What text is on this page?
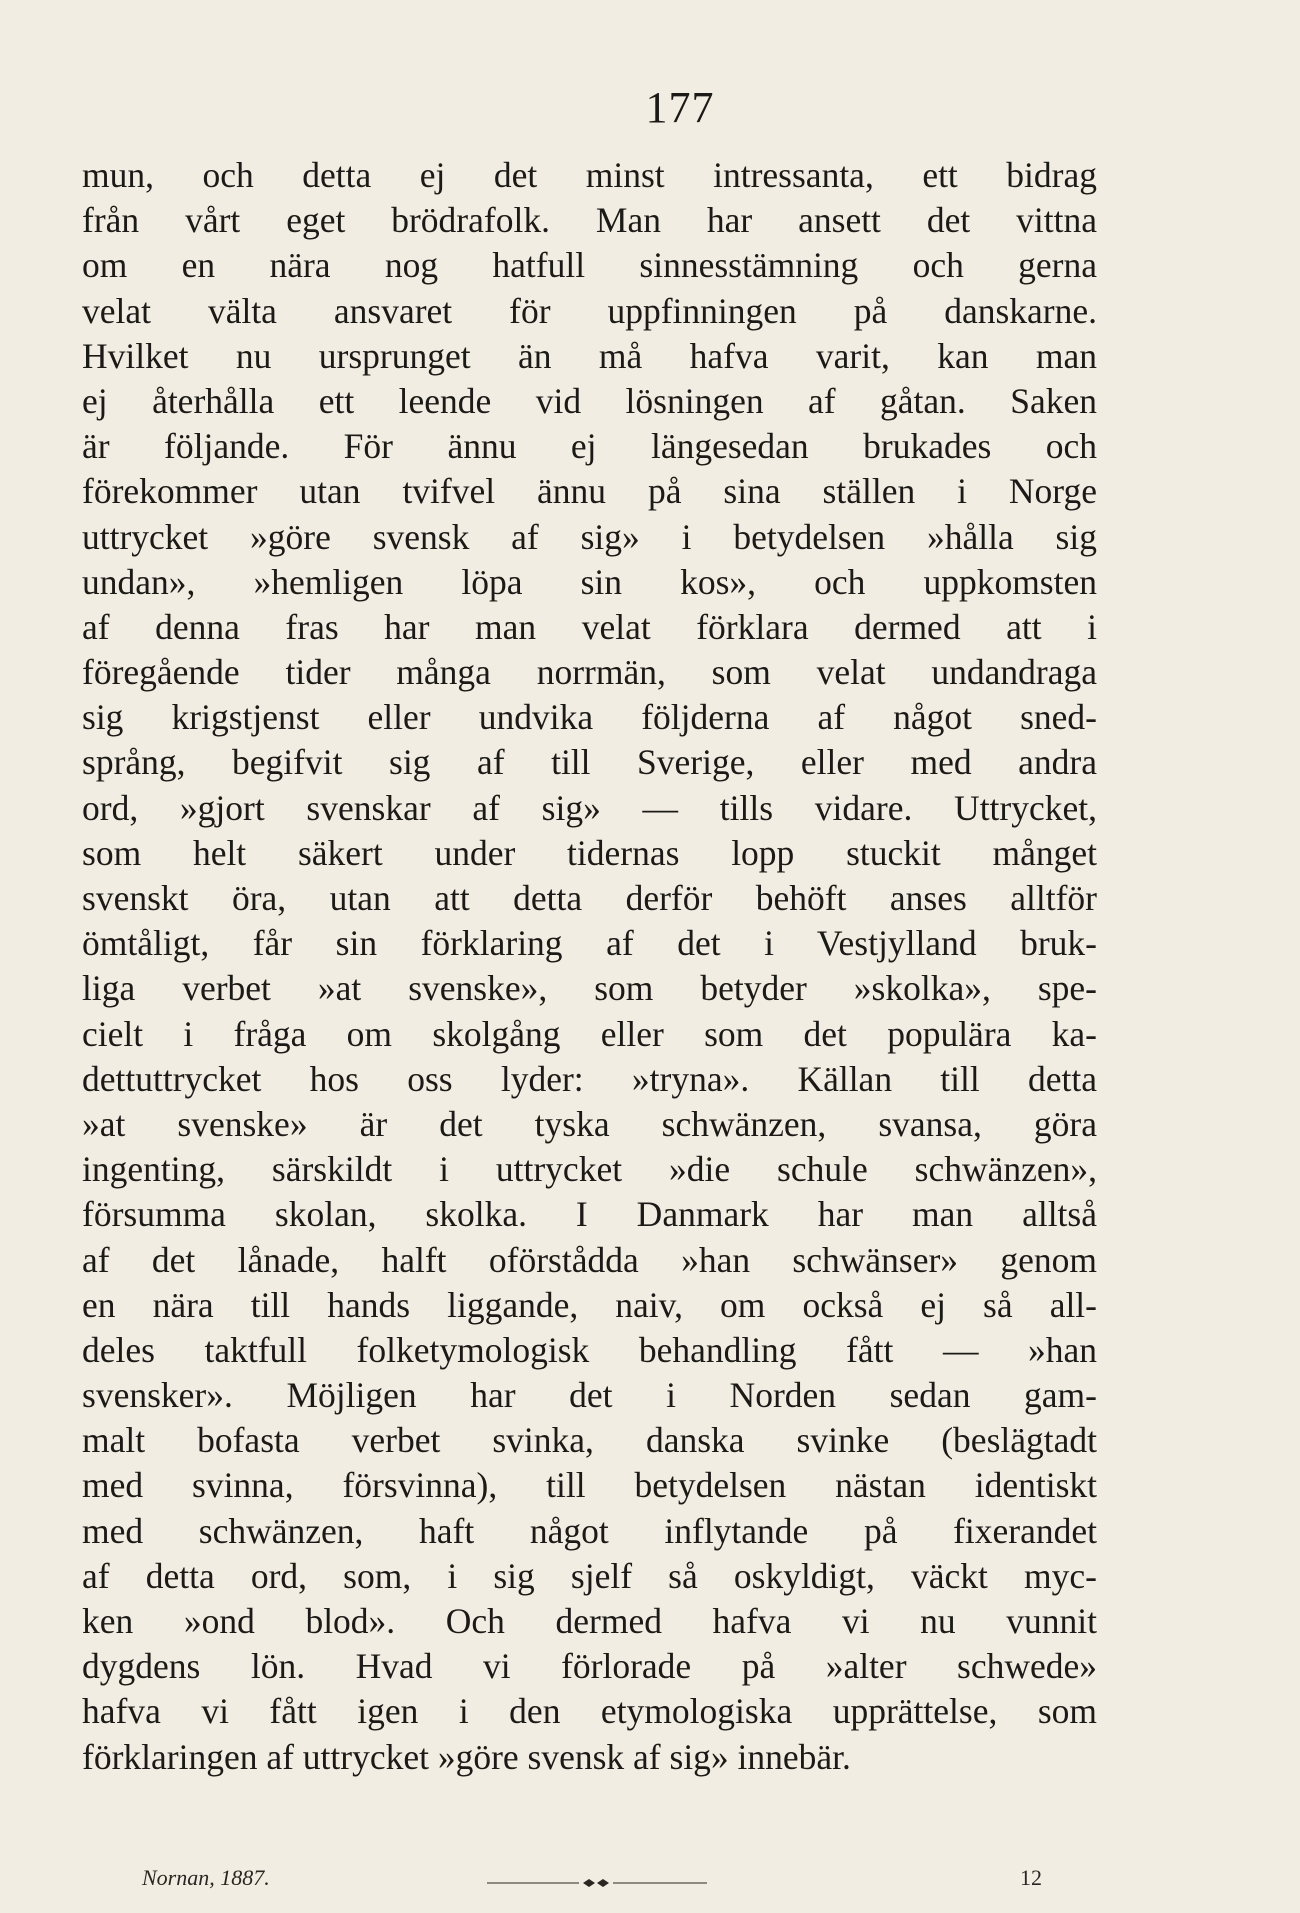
177
mun, och detta ej det minst intressanta, ett bidrag
från vårt eget brödrafolk. Man har ansett det vittna
om en nära nog hatfull sinnesstämning och gerna
velat välta ansvaret för uppfinningen på danskarne.
Hvilket nu ursprunget än må hafva varit, kan man
ej återhålla ett leende vid lösningen af gåtan. Saken
är följande. För ännu ej längesedan brukades och
förekommer utan tvifvel ännu på sina ställen i Norge
uttrycket »göre svensk af sig» i betydelsen »hålla sig
undan», »hemligen löpa sin kos», och uppkomsten
af denna fras har man velat förklara dermed att i
föregående tider många norrmän, som velat undandraga
sig krigstjenst eller undvika följderna af något sned-
språng, begifvit sig af till Sverige, eller med andra
ord, »gjort svenskar af sig» — tills vidare. Uttrycket,
som helt säkert under tidernas lopp stuckit månget
svenskt öra, utan att detta derför behöft anses alltför
ömtåligt, får sin förklaring af det i Vestjylland bruk-
liga verbet »at svenske», som betyder »skolka», spe-
cielt i fråga om skolgång eller som det populära ka-
dettuttrycket hos oss lyder: »tryna». Källan till detta
»at svenske» är det tyska schwänzen, svansa, göra
ingenting, särskildt i uttrycket »die schule schwänzen»,
försumma skolan, skolka. I Danmark har man alltså
af det lånade, halft oförstådda »han schwänser» genom
en nära till hands liggande, naiv, om också ej så all-
deles taktfull folketymologisk behandling fått — »han
svensker». Möjligen har det i Norden sedan gam-
malt bofasta verbet svinka, danska svinke (beslägtadt
med svinna, försvinna), till betydelsen nästan identiskt
med schwänzen, haft något inflytande på fixerandet
af detta ord, som, i sig sjelf så oskyldigt, väckt myc-
ken »ond blod». Och dermed hafva vi nu vunnit
dygdens lön. Hvad vi förlorade på »alter schwede»
hafva vi fått igen i den etymologiska upprättelse, som
förklaringen af uttrycket »göre svensk af sig» innebär.
Nornan, 1887.	12
